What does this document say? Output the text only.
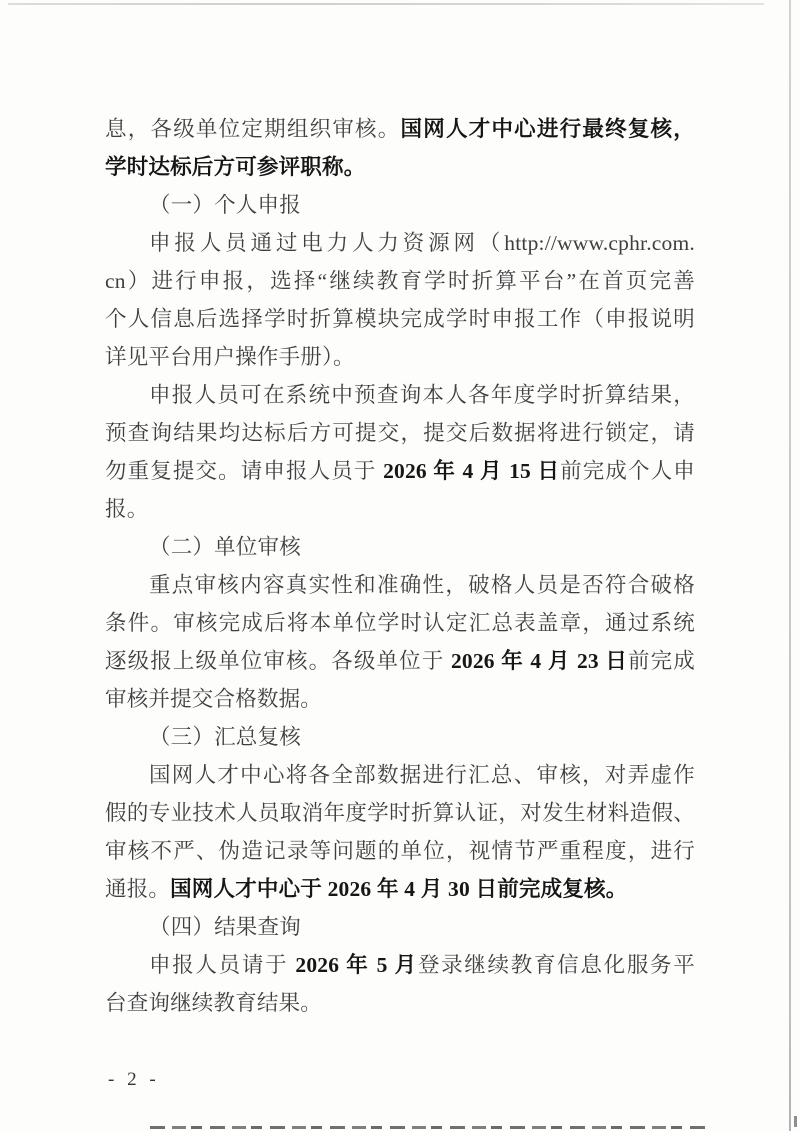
息，各级单位定期组织审核。国网人才中心进行最终复核，
学时达标后方可参评职称。
（一）个人申报
申报人员通过电力人力资源网（http://www.cphr.com.
cn）进行申报，选择“继续教育学时折算平台”在首页完善
个人信息后选择学时折算模块完成学时申报工作（申报说明
详见平台用户操作手册）。
申报人员可在系统中预查询本人各年度学时折算结果，
预查询结果均达标后方可提交，提交后数据将进行锁定，请
勿重复提交。请申报人员于 2026 年 4 月 15 日前完成个人申
报。
（二）单位审核
重点审核内容真实性和准确性，破格人员是否符合破格
条件。审核完成后将本单位学时认定汇总表盖章，通过系统
逐级报上级单位审核。各级单位于 2026 年 4 月 23 日前完成
审核并提交合格数据。
（三）汇总复核
国网人才中心将各全部数据进行汇总、审核，对弄虚作
假的专业技术人员取消年度学时折算认证，对发生材料造假、
审核不严、伪造记录等问题的单位，视情节严重程度，进行
通报。国网人才中心于 2026 年 4 月 30 日前完成复核。
（四）结果查询
申报人员请于 2026 年 5 月登录继续教育信息化服务平
台查询继续教育结果。
- 2 -
